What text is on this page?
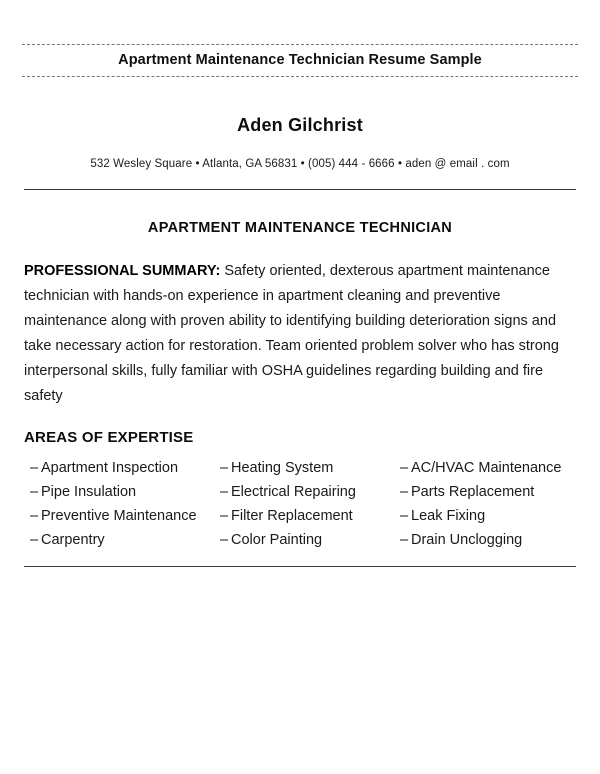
Apartment Maintenance Technician Resume Sample
Aden Gilchrist
532 Wesley Square • Atlanta, GA 56831 • (005) 444 - 6666 • aden @ email . com
APARTMENT MAINTENANCE TECHNICIAN
PROFESSIONAL SUMMARY: Safety oriented, dexterous apartment maintenance technician with hands-on experience in apartment cleaning and preventive maintenance along with proven ability to identifying building deterioration signs and take necessary action for restoration. Team oriented problem solver who has strong interpersonal skills, fully familiar with OSHA guidelines regarding building and fire safety
AREAS OF EXPERTISE
– Apartment Inspection	– Heating System	– AC/HVAC Maintenance
– Pipe Insulation	– Electrical Repairing	– Parts Replacement
– Preventive Maintenance	– Filter Replacement	– Leak Fixing
– Carpentry	– Color Painting	– Drain Unclogging
